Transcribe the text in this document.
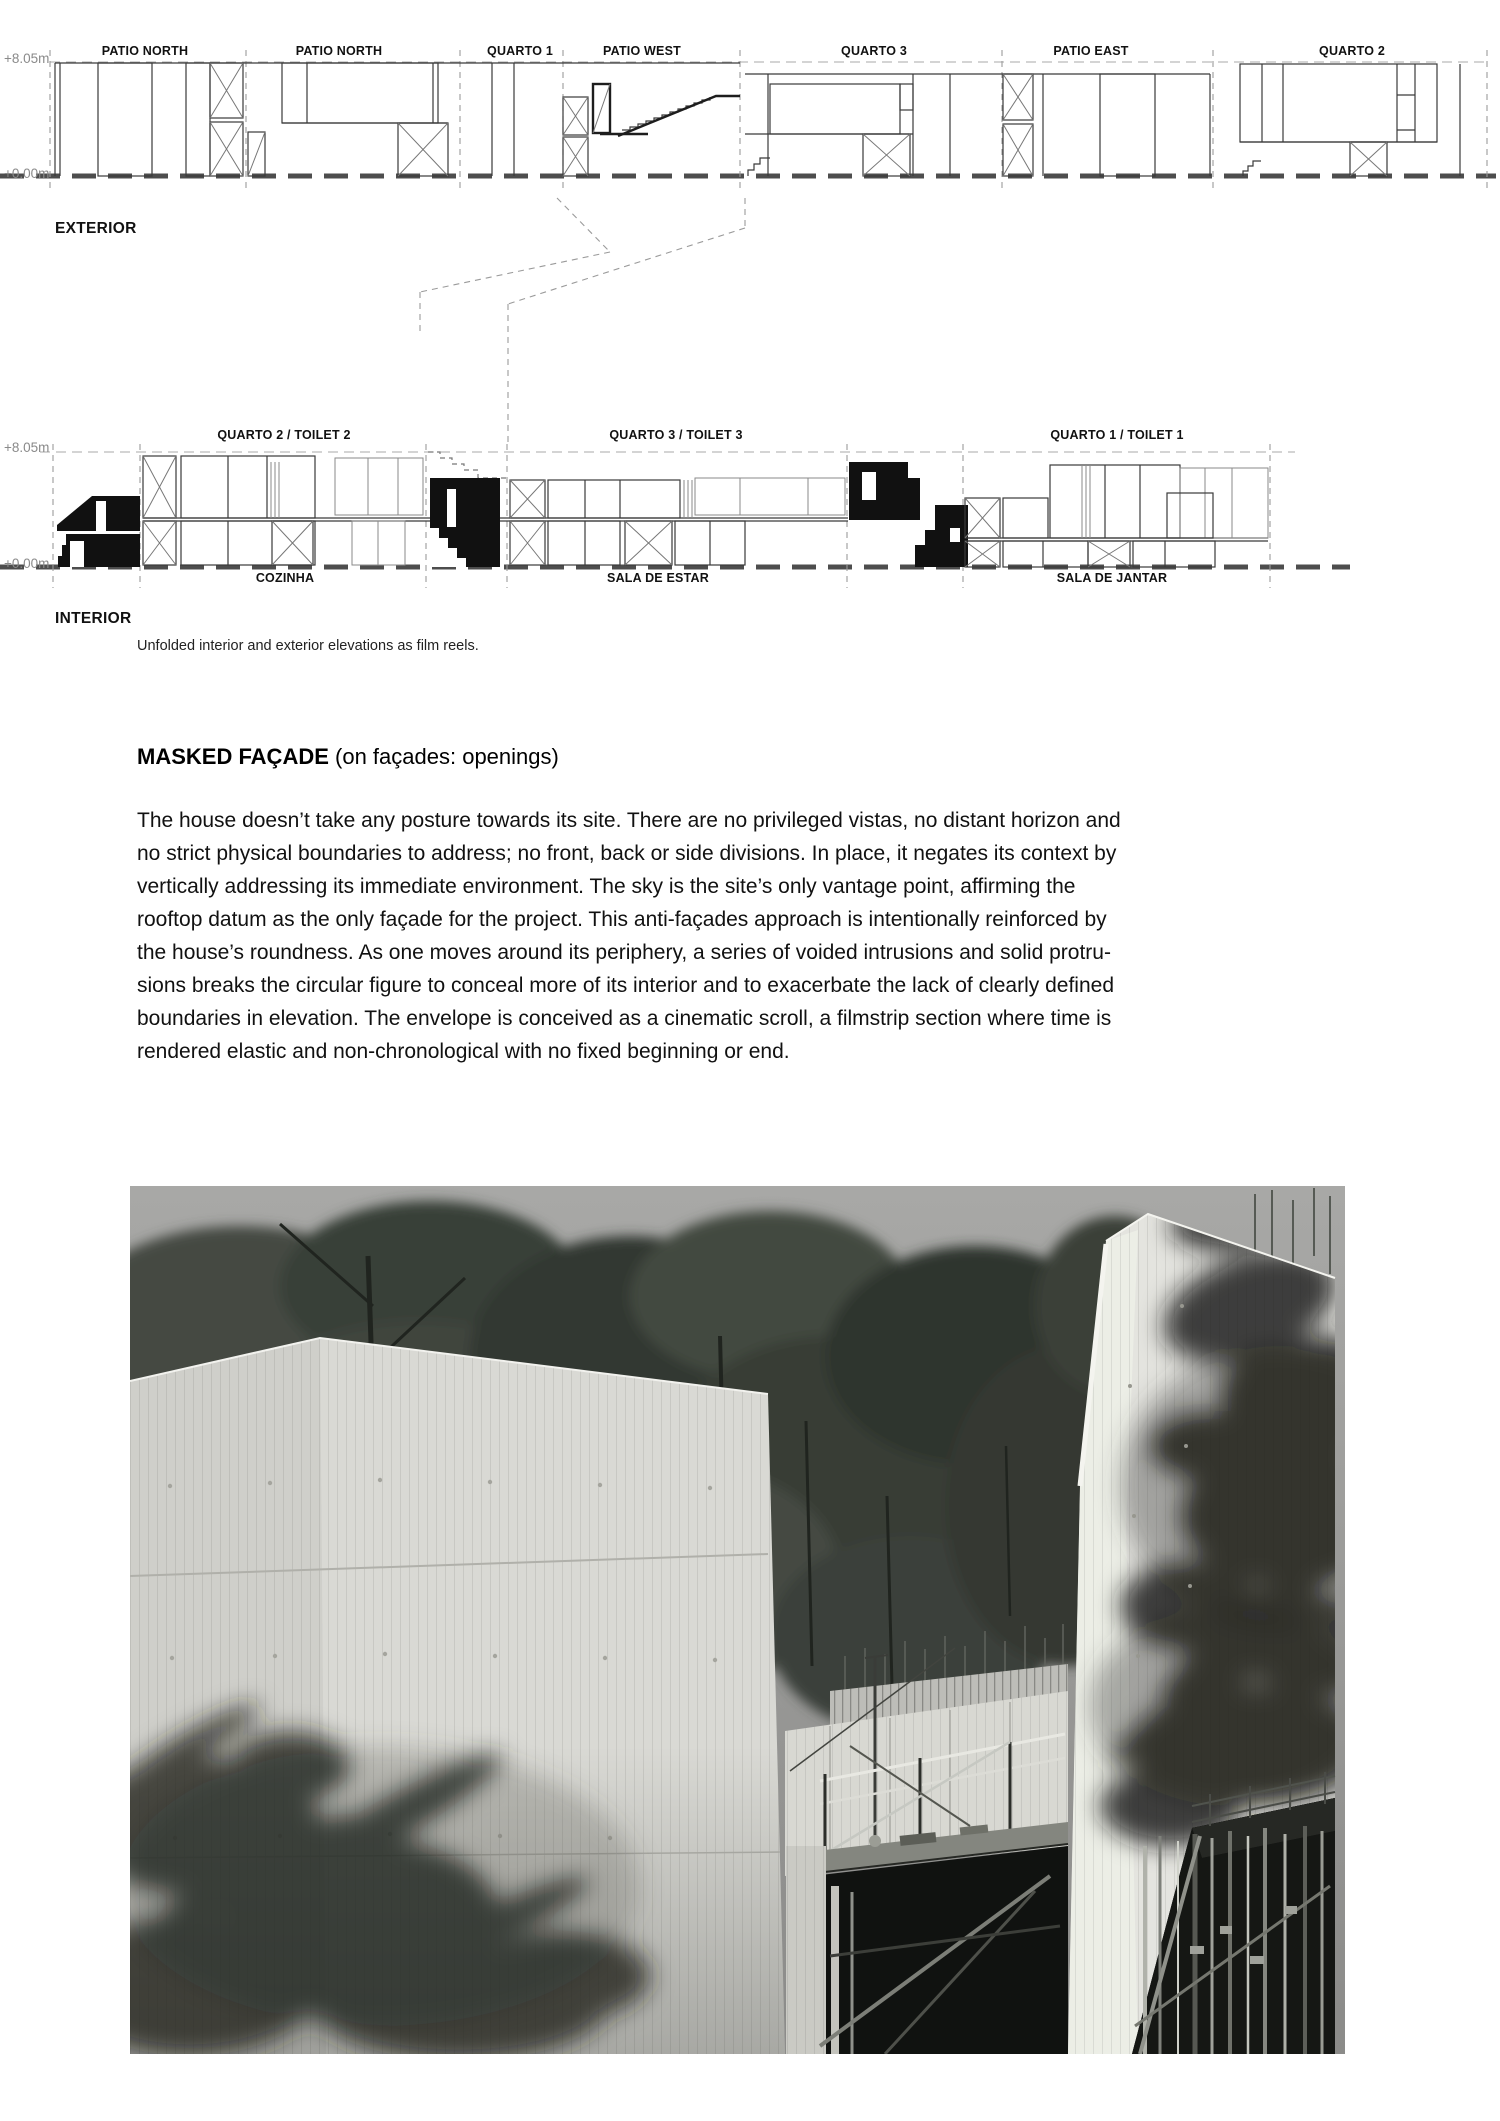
+8.05m
+0.00m
PATIO NORTH	PATIO NORTH	QUARTO 1	PATIO WEST	QUARTO 3	PATIO EAST	QUARTO 2
EXTERIOR
+8.05m
+0.00m
QUARTO 2 / TOILET 2	QUARTO 3 / TOILET 3	QUARTO 1 / TOILET 1
COZINHA	SALA DE ESTAR	SALA DE JANTAR
INTERIOR
Unfolded interior and exterior elevations as film reels.
MASKED FAÇADE (on façades: openings)
The house doesn’t take any posture towards its site. There are no privileged vistas, no distant horizon and
no strict physical boundaries to address; no front, back or side divisions. In place, it negates its context by
vertically addressing its immediate environment. The sky is the site’s only vantage point, affirming the
rooftop datum as the only façade for the project. This anti-façades approach is intentionally reinforced by
the house’s roundness. As one moves around its periphery, a series of voided intrusions and solid protru-
sions breaks the circular figure to conceal more of its interior and to exacerbate the lack of clearly defined
boundaries in elevation. The envelope is conceived as a cinematic scroll, a filmstrip section where time is
rendered elastic and non-chronological with no fixed beginning or end.
